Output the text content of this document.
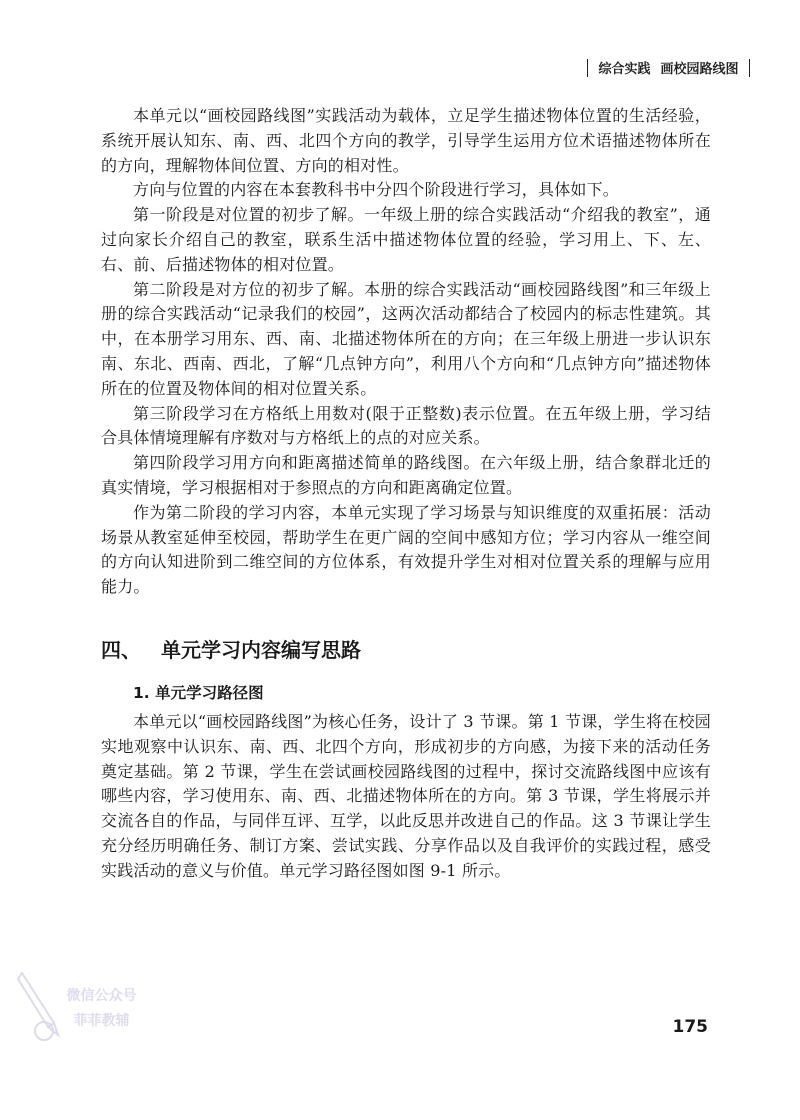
综合实践 画校园路线图

本单元以“画校园路线图”实践活动为载体，立足学生描述物体位置的生活经验，系统开展认知东、南、西、北四个方向的教学，引导学生运用方位术语描述物体所在的方向，理解物体间位置、方向的相对性。

方向与位置的内容在本套教科书中分四个阶段进行学习，具体如下。

第一阶段是对位置的初步了解。一年级上册的综合实践活动“介绍我的教室”，通过向家长介绍自己的教室，联系生活中描述物体位置的经验，学习用上、下、左、右、前、后描述物体的相对位置。

第二阶段是对方位的初步了解。本册的综合实践活动“画校园路线图”和三年级上册的综合实践活动“记录我们的校园”，这两次活动都结合了校园内的标志性建筑。其中，在本册学习用东、西、南、北描述物体所在的方向；在三年级上册进一步认识东南、东北、西南、西北，了解“几点钟方向”，利用八个方向和“几点钟方向”描述物体所在的位置及物体间的相对位置关系。

第三阶段学习在方格纸上用数对(限于正整数)表示位置。在五年级上册，学习结合具体情境理解有序数对与方格纸上的点的对应关系。

第四阶段学习用方向和距离描述简单的路线图。在六年级上册，结合象群北迁的真实情境，学习根据相对于参照点的方向和距离确定位置。

作为第二阶段的学习内容，本单元实现了学习场景与知识维度的双重拓展：活动场景从教室延伸至校园，帮助学生在更广阔的空间中感知方位；学习内容从一维空间的方向认知进阶到二维空间的方位体系，有效提升学生对相对位置关系的理解与应用能力。

四、 单元学习内容编写思路
1. 单元学习路径图

本单元以“画校园路线图”为核心任务，设计了 3 节课。第 1 节课，学生将在校园实地观察中认识东、南、西、北四个方向，形成初步的方向感，为接下来的活动任务奠定基础。第 2 节课，学生在尝试画校园路线图的过程中，探讨交流路线图中应该有哪些内容，学习使用东、南、西、北描述物体所在的方向。第 3 节课，学生将展示并交流各自的作品，与同伴互评、互学，以此反思并改进自己的作品。这 3 节课让学生充分经历明确任务、制订方案、尝试实践、分享作品以及自我评价的实践过程，感受实践活动的意义与价值。单元学习路径图如图 9-1 所示。

微信公众号
菲菲教辅	175
